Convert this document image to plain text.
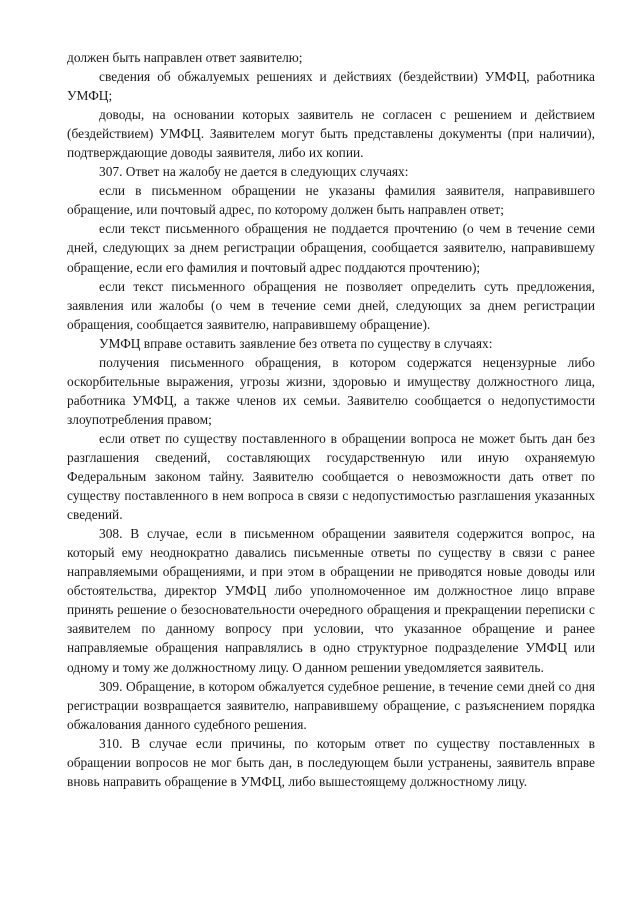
должен быть направлен ответ заявителю;

сведения об обжалуемых решениях и действиях (бездействии) УМФЦ, работника УМФЦ;

доводы, на основании которых заявитель не согласен с решением и действием (бездействием) УМФЦ. Заявителем могут быть представлены документы (при наличии), подтверждающие доводы заявителя, либо их копии.

307. Ответ на жалобу не дается в следующих случаях:

если в письменном обращении не указаны фамилия заявителя, направившего обращение, или почтовый адрес, по которому должен быть направлен ответ;

если текст письменного обращения не поддается прочтению (о чем в течение семи дней, следующих за днем регистрации обращения, сообщается заявителю, направившему обращение, если его фамилия и почтовый адрес поддаются прочтению);

если текст письменного обращения не позволяет определить суть предложения, заявления или жалобы (о чем в течение семи дней, следующих за днем регистрации обращения, сообщается заявителю, направившему обращение).

УМФЦ вправе оставить заявление без ответа по существу в случаях:

получения письменного обращения, в котором содержатся нецензурные либо оскорбительные выражения, угрозы жизни, здоровью и имуществу должностного лица, работника УМФЦ, а также членов их семьи. Заявителю сообщается о недопустимости злоупотребления правом;

если ответ по существу поставленного в обращении вопроса не может быть дан без разглашения сведений, составляющих государственную или иную охраняемую Федеральным законом тайну. Заявителю сообщается о невозможности дать ответ по существу поставленного в нем вопроса в связи с недопустимостью разглашения указанных сведений.

308. В случае, если в письменном обращении заявителя содержится вопрос, на который ему неоднократно давались письменные ответы по существу в связи с ранее направляемыми обращениями, и при этом в обращении не приводятся новые доводы или обстоятельства, директор УМФЦ либо уполномоченное им должностное лицо вправе принять решение о безосновательности очередного обращения и прекращении переписки с заявителем по данному вопросу при условии, что указанное обращение и ранее направляемые обращения направлялись в одно структурное подразделение УМФЦ или одному и тому же должностному лицу. О данном решении уведомляется заявитель.

309. Обращение, в котором обжалуется судебное решение, в течение семи дней со дня регистрации возвращается заявителю, направившему обращение, с разъяснением порядка обжалования данного судебного решения.

310. В случае если причины, по которым ответ по существу поставленных в обращении вопросов не мог быть дан, в последующем были устранены, заявитель вправе вновь направить обращение в УМФЦ, либо вышестоящему должностному лицу.
